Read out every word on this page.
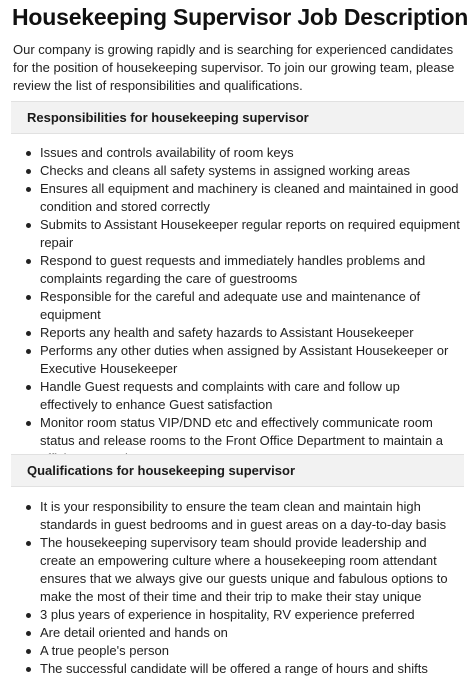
Housekeeping Supervisor Job Description
Our company is growing rapidly and is searching for experienced candidates for the position of housekeeping supervisor. To join our growing team, please review the list of responsibilities and qualifications.
Responsibilities for housekeeping supervisor
Issues and controls availability of room keys
Checks and cleans all safety systems in assigned working areas
Ensures all equipment and machinery is cleaned and maintained in good condition and stored correctly
Submits to Assistant Housekeeper regular reports on required equipment repair
Respond to guest requests and immediately handles problems and complaints regarding the care of guestrooms
Responsible for the careful and adequate use and maintenance of equipment
Reports any health and safety hazards to Assistant Housekeeper
Performs any other duties when assigned by Assistant Housekeeper or Executive Housekeeper
Handle Guest requests and complaints with care and follow up effectively to enhance Guest satisfaction
Monitor room status VIP/DND etc and effectively communicate room status and release rooms to the Front Office Department to maintain a
Qualifications for housekeeping supervisor
It is your responsibility to ensure the team clean and maintain high standards in guest bedrooms and in guest areas on a day-to-day basis
The housekeeping supervisory team should provide leadership and create an empowering culture where a housekeeping room attendant ensures that we always give our guests unique and fabulous options to make the most of their time and their trip to make their stay unique
3 plus years of experience in hospitality, RV experience preferred
Are detail oriented and hands on
A true people's person
The successful candidate will be offered a range of hours and shifts
